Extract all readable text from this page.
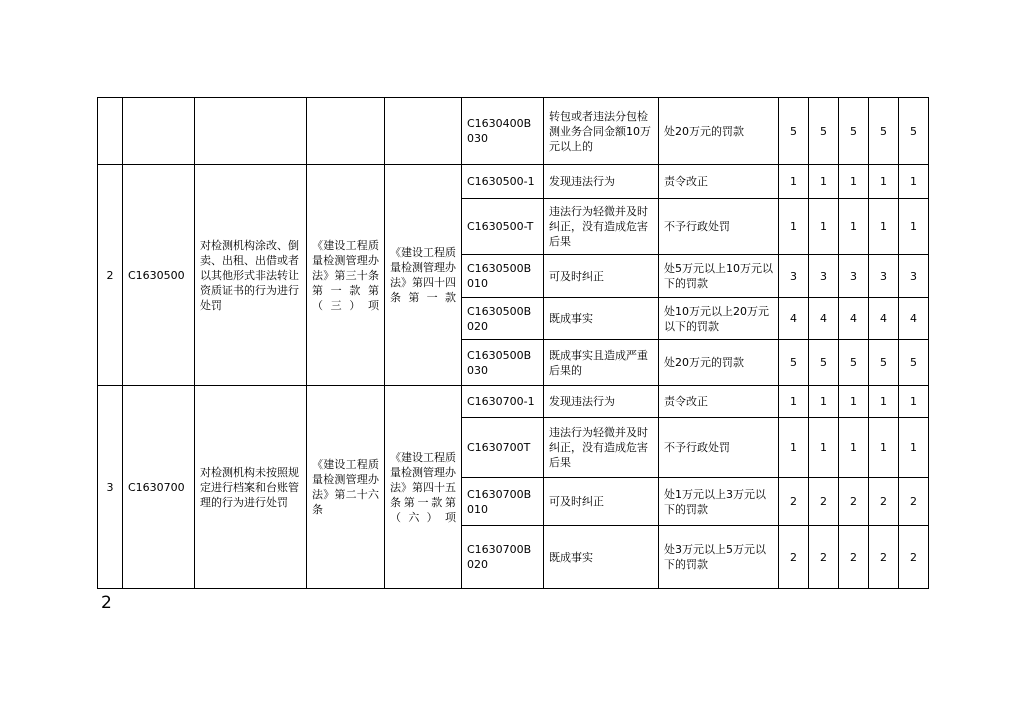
					C1630400B030	转包或者违法分包检测业务合同金额10万元以上的	处20万元的罚款	5	5	5	5	5
2	C1630500	对检测机构涂改、倒卖、出租、出借或者以其他形式非法转让资质证书的行为进行处罚	《建设工程质量检测管理办法》第三十条第一款第（三）项	《建设工程质量检测管理办法》第四十四条第一款	C1630500-1	发现违法行为	责令改正	1	1	1	1	1
					C1630500-T	违法行为轻微并及时纠正，没有造成危害后果	不予行政处罚	1	1	1	1	1
					C1630500B010	可及时纠正	处5万元以上10万元以下的罚款	3	3	3	3	3
					C1630500B020	既成事实	处10万元以上20万元以下的罚款	4	4	4	4	4
					C1630500B030	既成事实且造成严重后果的	处20万元的罚款	5	5	5	5	5
3	C1630700	对检测机构未按照规定进行档案和台账管理的行为进行处罚	《建设工程质量检测管理办法》第二十六条	《建设工程质量检测管理办法》第四十五条第一款第（六）项	C1630700-1	发现违法行为	责令改正	1	1	1	1	1
					C1630700T	违法行为轻微并及时纠正，没有造成危害后果	不予行政处罚	1	1	1	1	1
					C1630700B010	可及时纠正	处1万元以上3万元以下的罚款	2	2	2	2	2
					C1630700B020	既成事实	处3万元以上5万元以下的罚款	2	2	2	2	2
2
